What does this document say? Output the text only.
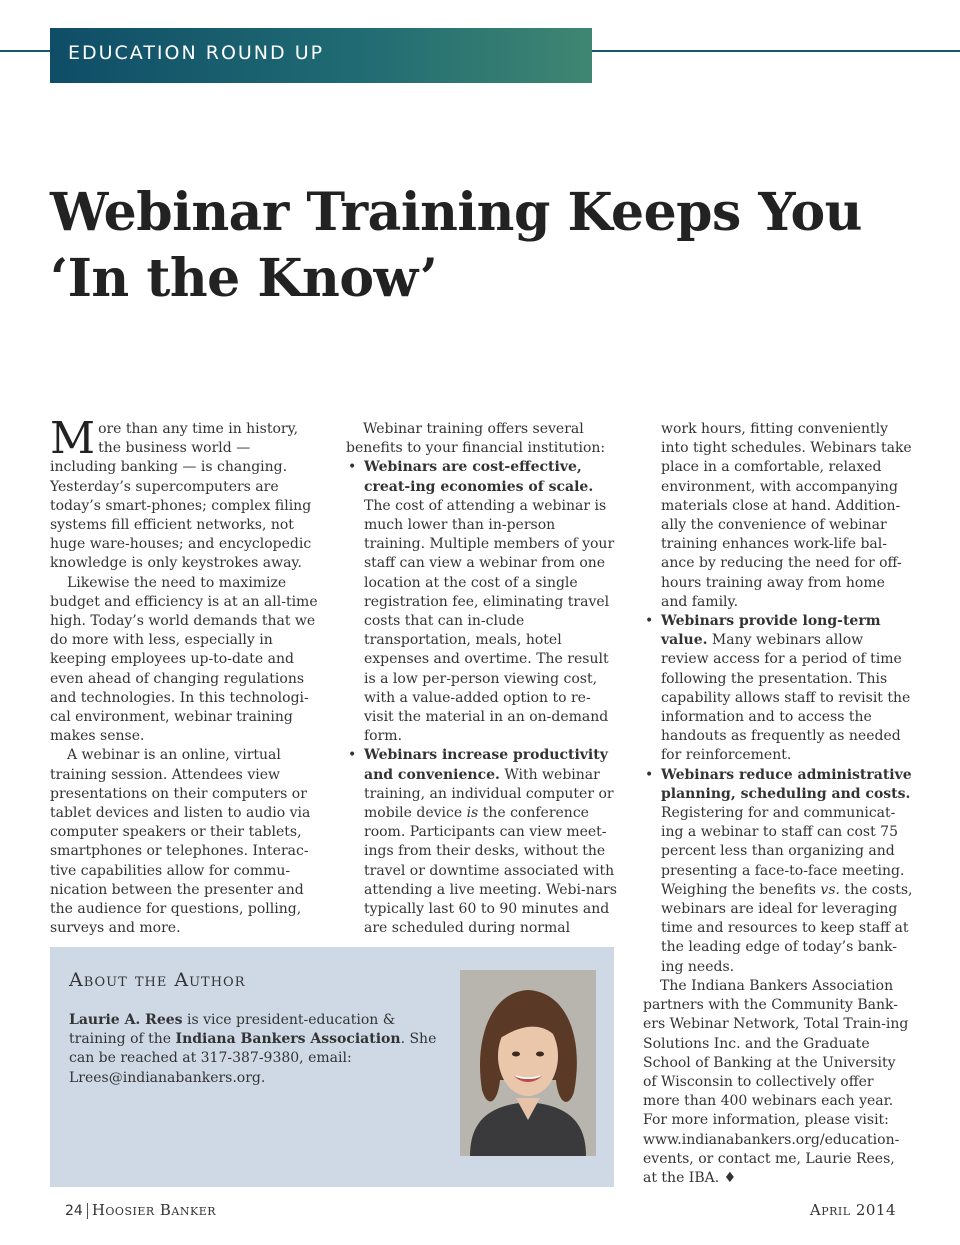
EDUCATION ROUND UP
Webinar Training Keeps You
‘In the Know’

More than any time in history, the business world — including banking — is changing. Yesterday’s supercomputers are today’s smart-phones; complex filing systems fill efficient networks, not huge ware-houses; and encyclopedic knowledge is only keystrokes away.

Likewise the need to maximize budget and efficiency is at an all-time high. Today’s world demands that we do more with less, especially in keeping employees up-to-date and even ahead of changing regulations and technologies. In this technologi-cal environment, webinar training makes sense.

A webinar is an online, virtual training session. Attendees view presentations on their computers or tablet devices and listen to audio via computer speakers or their tablets, smartphones or telephones. Interac-tive capabilities allow for commu-nication between the presenter and the audience for questions, polling, surveys and more.

Webinar training offers several benefits to your financial institution:

• Webinars are cost-effective, creat-ing economies of scale. The cost of attending a webinar is much lower than in-person training. Multiple members of your staff can view a webinar from one location at the cost of a single registration fee, eliminating travel costs that can in-clude transportation, meals, hotel expenses and overtime. The result is a low per-person viewing cost, with a value-added option to re-visit the material in an on-demand form.
• Webinars increase productivity and convenience. With webinar training, an individual computer or mobile device is the conference room. Participants can view meet-ings from their desks, without the travel or downtime associated with attending a live meeting. Webi-nars typically last 60 to 90 minutes and are scheduled during normal

work hours, fitting conveniently into tight schedules. Webinars take place in a comfortable, relaxed environment, with accompanying materials close at hand. Addition-ally the convenience of webinar training enhances work-life bal-ance by reducing the need for off-hours training away from home and family.

• Webinars provide long-term value. Many webinars allow review access for a period of time following the presentation. This capability allows staff to revisit the information and to access the handouts as frequently as needed for reinforcement.
• Webinars reduce administrative planning, scheduling and costs. Registering for and communicat-ing a webinar to staff can cost 75 percent less than organizing and presenting a face-to-face meeting. Weighing the benefits vs. the costs, webinars are ideal for leveraging time and resources to keep staff at the leading edge of today’s bank-ing needs.

The Indiana Bankers Association partners with the Community Bank-ers Webinar Network, Total Train-ing Solutions Inc. and the Graduate School of Banking at the University of Wisconsin to collectively offer more than 400 webinars each year. For more information, please visit: www.indianabankers.org/education-events, or contact me, Laurie Rees, at the IBA. ♦

About the Author

Laurie A. Rees is vice president-education & training of the Indiana Bankers Association. She can be reached at 317-387-9380, email: Lrees@indianabankers.org.

24 Hoosier Banker	April 2014
